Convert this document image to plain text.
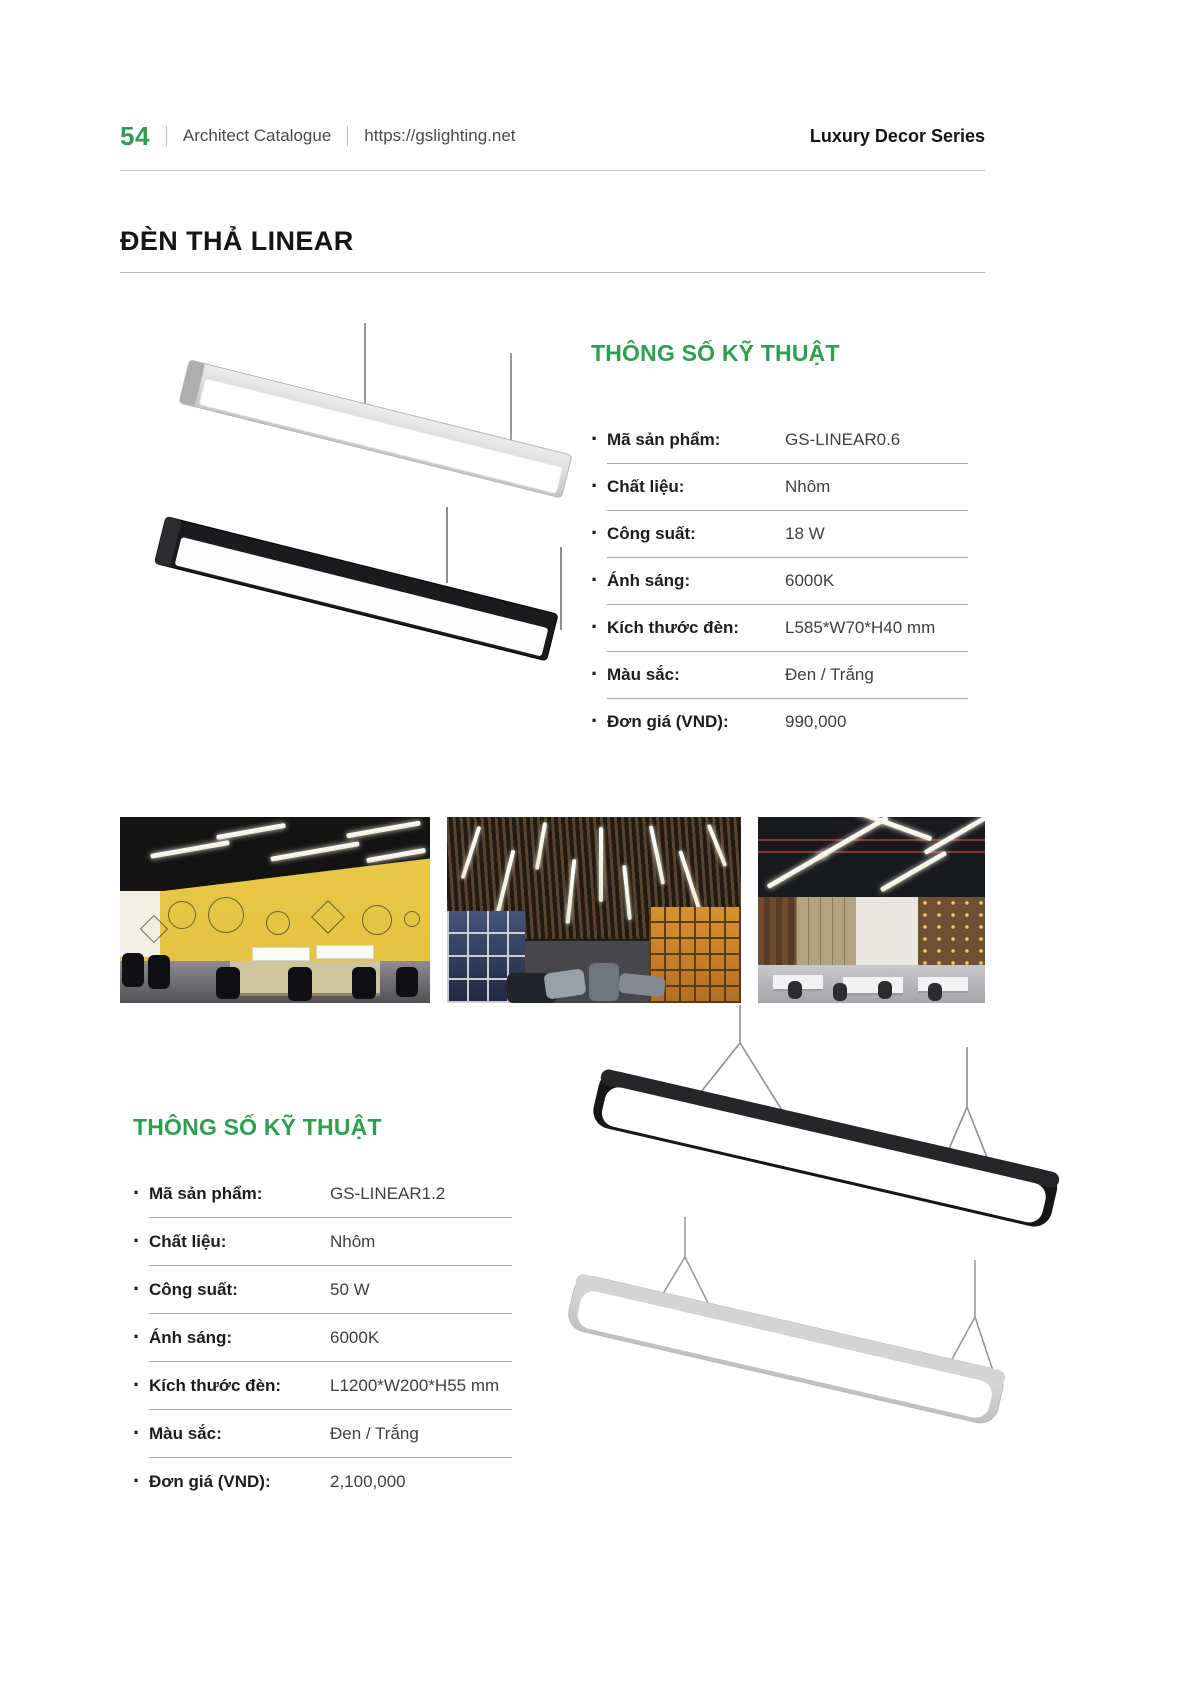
54 Architect Catalogue https://gslighting.net	Luxury Decor Series
ĐÈN THẢ LINEAR
THÔNG SỐ KỸ THUẬT
· Mã sản phẩm:	GS-LINEAR0.6
· Chất liệu:	Nhôm
· Công suất:	18 W
· Ánh sáng:	6000K
· Kích thước đèn:	L585*W70*H40 mm
· Màu sắc:	Đen / Trắng
· Đơn giá (VND):	990,000
THÔNG SỐ KỸ THUẬT
· Mã sản phẩm:	GS-LINEAR1.2
· Chất liệu:	Nhôm
· Công suất:	50 W
· Ánh sáng:	6000K
· Kích thước đèn:	L1200*W200*H55 mm
· Màu sắc:	Đen / Trắng
· Đơn giá (VND):	2,100,000
